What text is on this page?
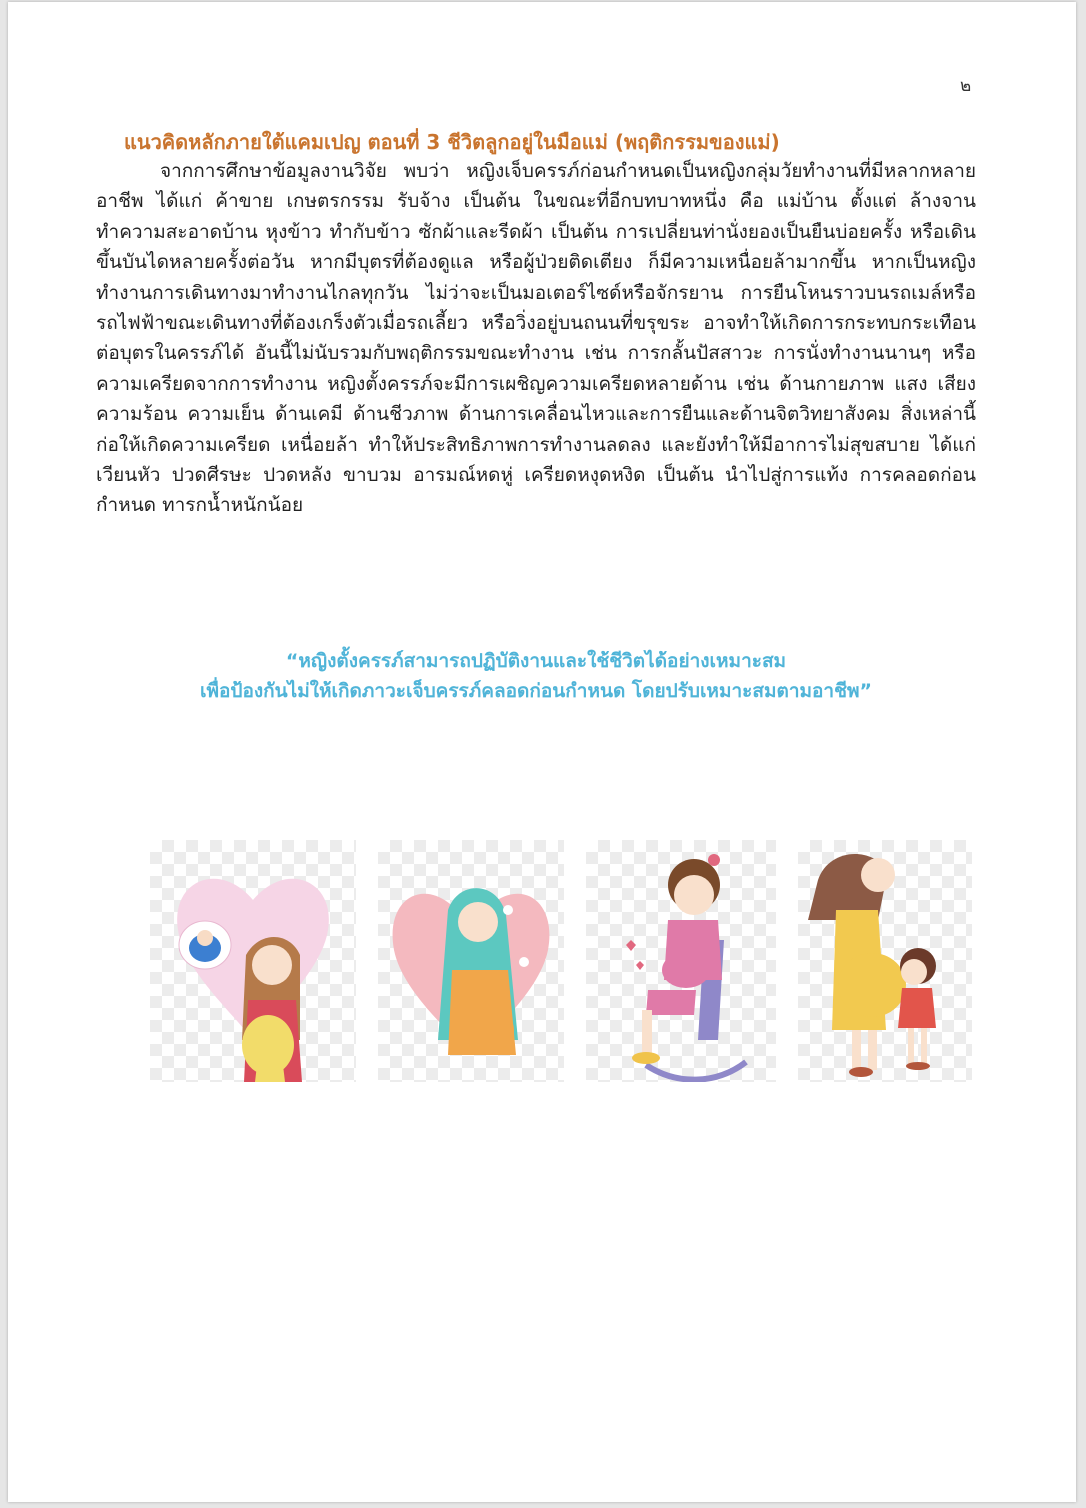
๒
แนวคิดหลักภายใต้แคมเปญ ตอนที่ 3 ชีวิตลูกอยู่ในมือแม่ (พฤติกรรมของแม่)

จากการศึกษาข้อมูลงานวิจัย พบว่า หญิงเจ็บครรภ์ก่อนกำหนดเป็นหญิงกลุ่มวัยทำงานที่มีหลากหลายอาชีพ ได้แก่ ค้าขาย เกษตรกรรม รับจ้าง เป็นต้น ในขณะที่อีกบทบาทหนึ่ง คือ แม่บ้าน ตั้งแต่ ล้างจาน ทำความสะอาดบ้าน หุงข้าว ทำกับข้าว ซักผ้าและรีดผ้า เป็นต้น การเปลี่ยนท่านั่งยองเป็นยืนบ่อยครั้ง หรือเดินขึ้นบันไดหลายครั้งต่อวัน หากมีบุตรที่ต้องดูแล หรือผู้ป่วยติดเตียง ก็มีความเหนื่อยล้ามากขึ้น หากเป็นหญิงทำงานการเดินทางมาทำงานไกลทุกวัน ไม่ว่าจะเป็นมอเตอร์ไซด์หรือจักรยาน การยืนโหนราวบนรถเมล์หรือรถไฟฟ้าขณะเดินทางที่ต้องเกร็งตัวเมื่อรถเลี้ยว หรือวิ่งอยู่บนถนนที่ขรุขระ อาจทำให้เกิดการกระทบกระเทือนต่อบุตรในครรภ์ได้ อันนี้ไม่นับรวมกับพฤติกรรมขณะทำงาน เช่น การกลั้นปัสสาวะ การนั่งทำงานนานๆ หรือ ความเครียดจากการทำงาน หญิงตั้งครรภ์จะมีการเผชิญความเครียดหลายด้าน เช่น ด้านกายภาพ แสง เสียง ความร้อน ความเย็น ด้านเคมี ด้านชีวภาพ ด้านการเคลื่อนไหวและการยืนและด้านจิตวิทยาสังคม สิ่งเหล่านี้ก่อให้เกิดความเครียด เหนื่อยล้า ทำให้ประสิทธิภาพการทำงานลดลง และยังทำให้มีอาการไม่สุขสบาย ได้แก่ เวียนหัว ปวดศีรษะ ปวดหลัง ขาบวม อารมณ์หดหู่ เครียดหงุดหงิด เป็นต้น นำไปสู่การแท้ง การคลอดก่อนกำหนด ทารกน้ำหนักน้อย

“หญิงตั้งครรภ์สามารถปฏิบัติงานและใช้ชีวิตได้อย่างเหมาะสม
เพื่อป้องกันไม่ให้เกิดภาวะเจ็บครรภ์คลอดก่อนกำหนด โดยปรับเหมาะสมตามอาชีพ”
